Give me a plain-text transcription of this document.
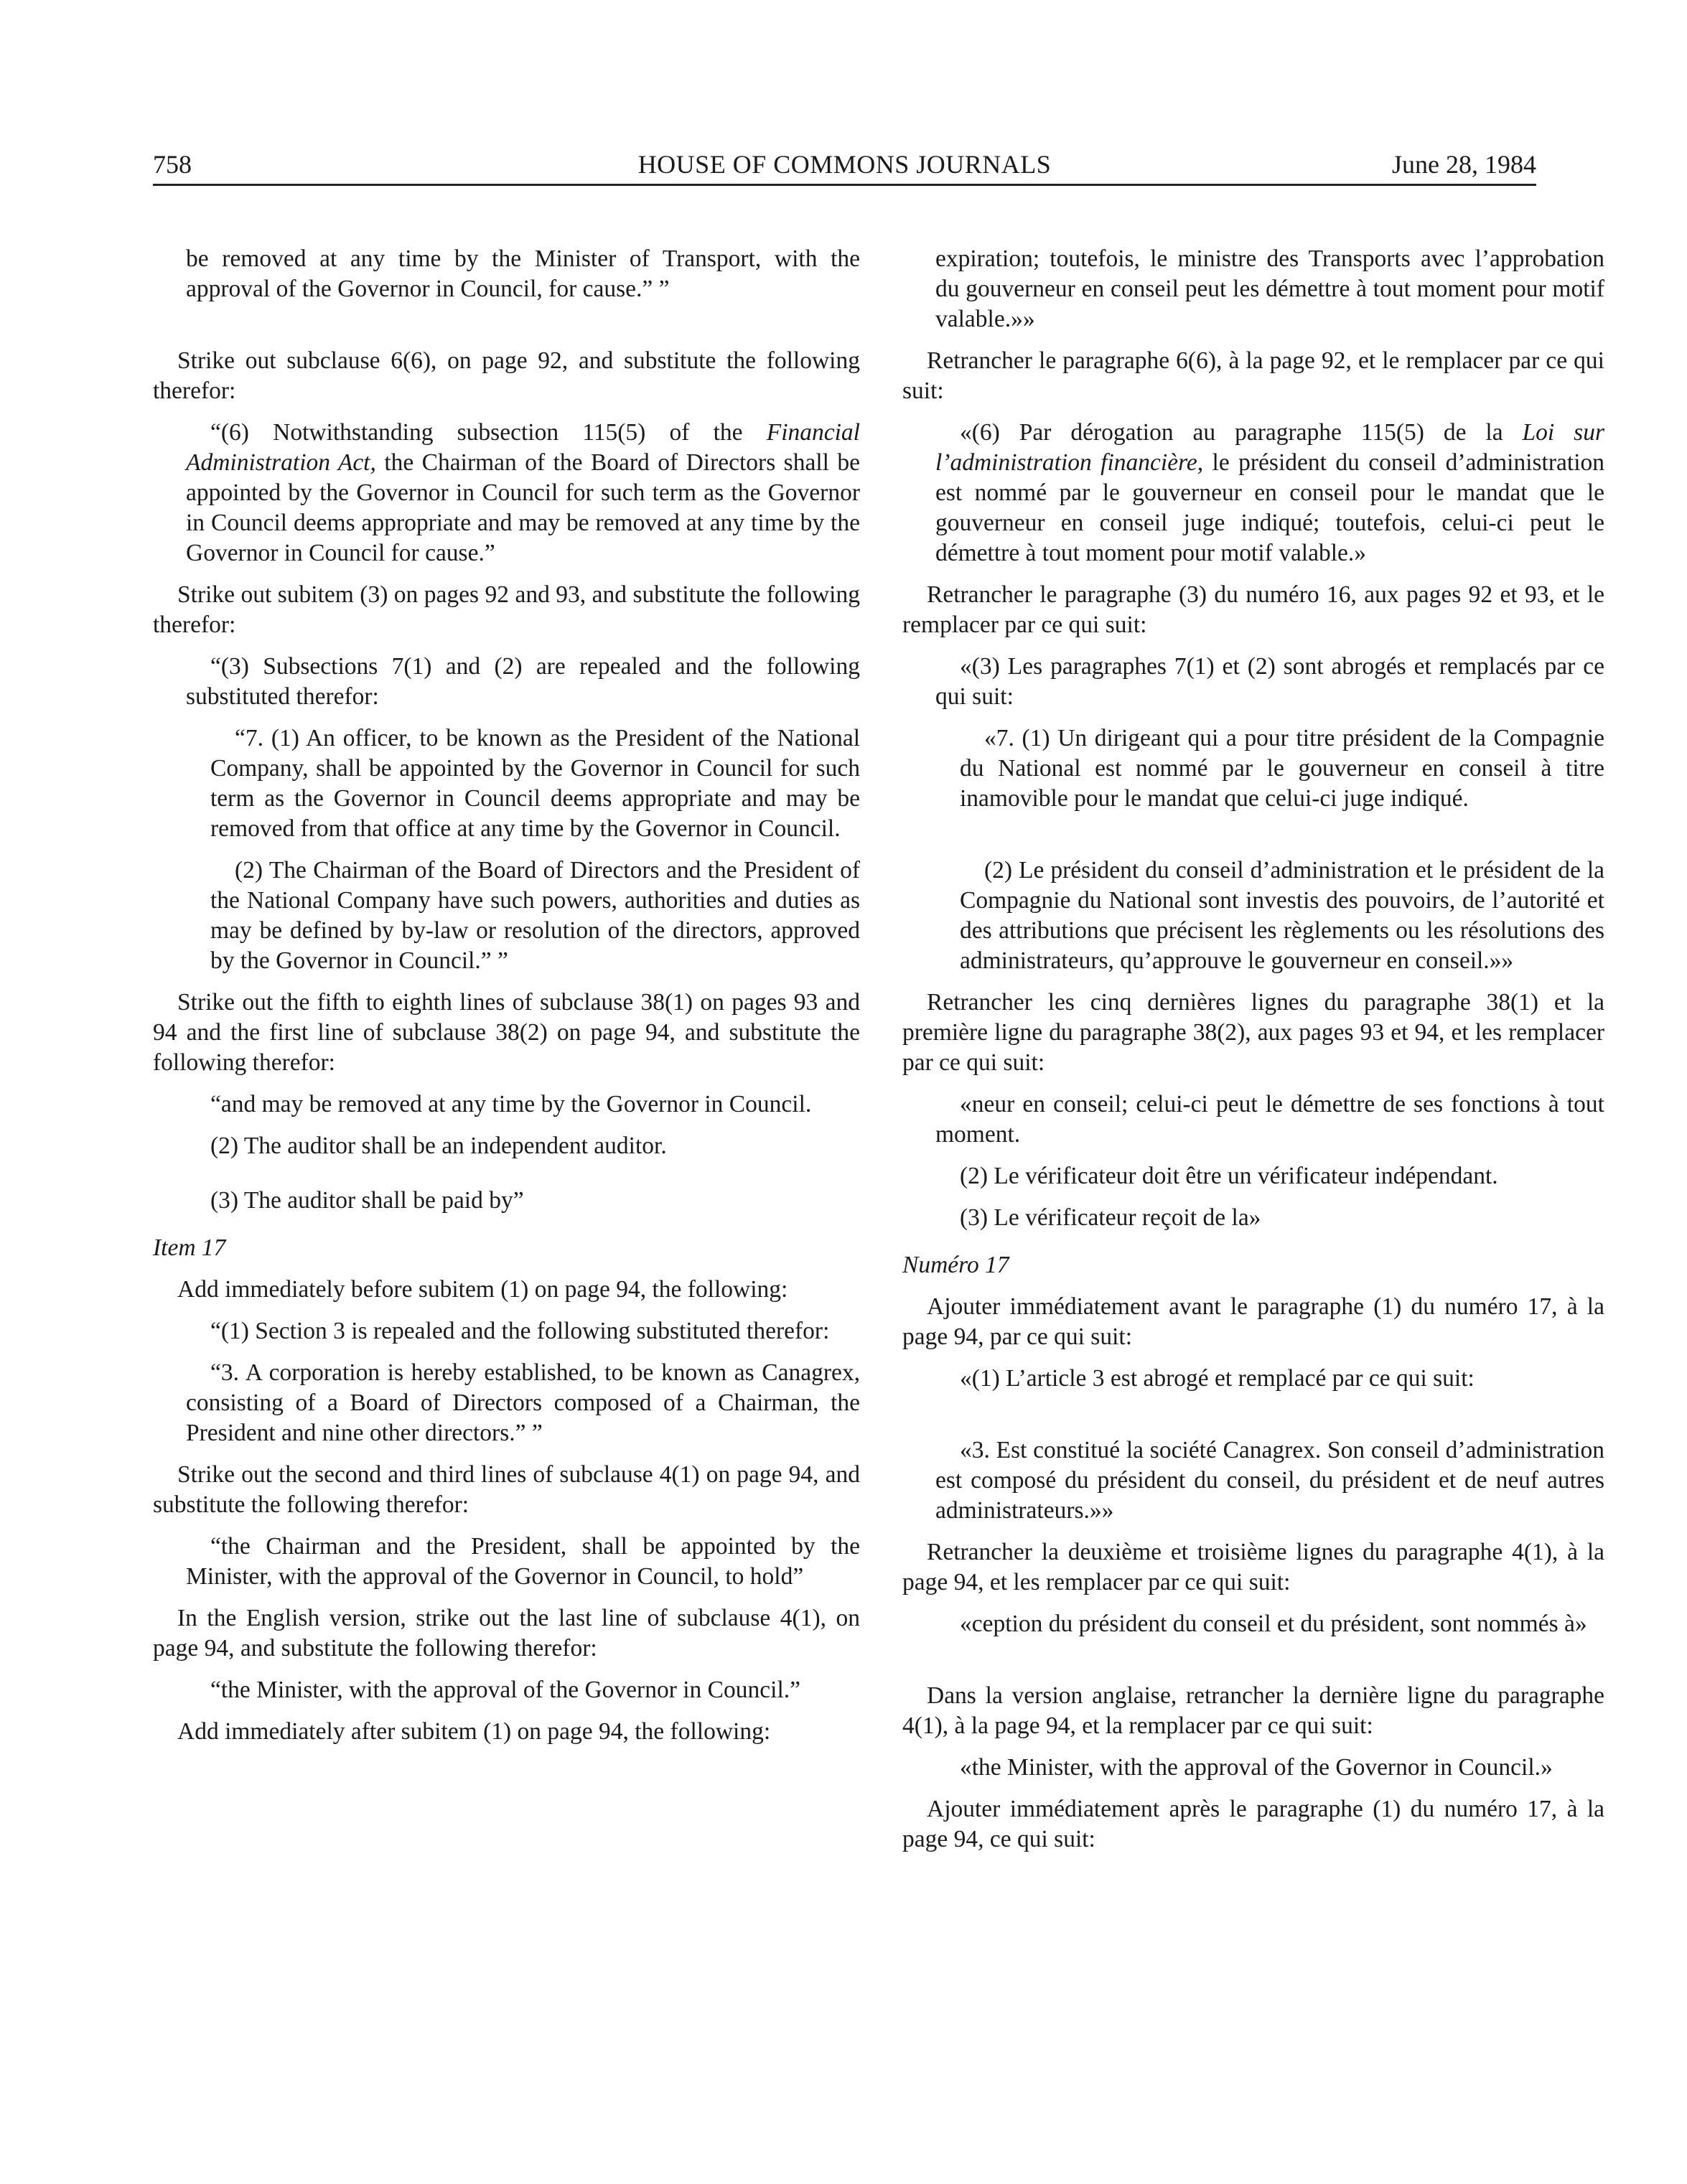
758	HOUSE OF COMMONS JOURNALS	June 28, 1984

be removed at any time by the Minister of Transport, with the approval of the Governor in Council, for cause.” ”

Strike out subclause 6(6), on page 92, and substitute the following therefor:

“(6) Notwithstanding subsection 115(5) of the Financial Administration Act, the Chairman of the Board of Directors shall be appointed by the Governor in Council for such term as the Governor in Council deems appropriate and may be removed at any time by the Governor in Council for cause.”

Strike out subitem (3) on pages 92 and 93, and substitute the following therefor:

“(3) Subsections 7(1) and (2) are repealed and the following substituted therefor:

“7. (1) An officer, to be known as the President of the National Company, shall be appointed by the Governor in Council for such term as the Governor in Council deems appropriate and may be removed from that office at any time by the Governor in Council.

(2) The Chairman of the Board of Directors and the President of the National Company have such powers, authorities and duties as may be defined by by-law or resolution of the directors, approved by the Governor in Council.” ”

Strike out the fifth to eighth lines of subclause 38(1) on pages 93 and 94 and the first line of subclause 38(2) on page 94, and substitute the following therefor:

“and may be removed at any time by the Governor in Council.

(2) The auditor shall be an independent auditor.

(3) The auditor shall be paid by”

Item 17

Add immediately before subitem (1) on page 94, the following:

“(1) Section 3 is repealed and the following substituted therefor:

“3. A corporation is hereby established, to be known as Canagrex, consisting of a Board of Directors composed of a Chairman, the President and nine other directors.” ”

Strike out the second and third lines of subclause 4(1) on page 94, and substitute the following therefor:

“the Chairman and the President, shall be appointed by the Minister, with the approval of the Governor in Council, to hold”

In the English version, strike out the last line of subclause 4(1), on page 94, and substitute the following therefor:

“the Minister, with the approval of the Governor in Council.”

Add immediately after subitem (1) on page 94, the following:

expiration; toutefois, le ministre des Transports avec l’approbation du gouverneur en conseil peut les démettre à tout moment pour motif valable.»»

Retrancher le paragraphe 6(6), à la page 92, et le remplacer par ce qui suit:

«(6) Par dérogation au paragraphe 115(5) de la Loi sur l’administration financière, le président du conseil d’administration est nommé par le gouverneur en conseil pour le mandat que le gouverneur en conseil juge indiqué; toutefois, celui-ci peut le démettre à tout moment pour motif valable.»

Retrancher le paragraphe (3) du numéro 16, aux pages 92 et 93, et le remplacer par ce qui suit:

«(3) Les paragraphes 7(1) et (2) sont abrogés et remplacés par ce qui suit:

«7. (1) Un dirigeant qui a pour titre président de la Compagnie du National est nommé par le gouverneur en conseil à titre inamovible pour le mandat que celui-ci juge indiqué.

(2) Le président du conseil d’administration et le président de la Compagnie du National sont investis des pouvoirs, de l’autorité et des attributions que précisent les règlements ou les résolutions des administrateurs, qu’approuve le gouverneur en conseil.»»

Retrancher les cinq dernières lignes du paragraphe 38(1) et la première ligne du paragraphe 38(2), aux pages 93 et 94, et les remplacer par ce qui suit:

«neur en conseil; celui-ci peut le démettre de ses fonctions à tout moment.

(2) Le vérificateur doit être un vérificateur indépendant.

(3) Le vérificateur reçoit de la»

Numéro 17

Ajouter immédiatement avant le paragraphe (1) du numéro 17, à la page 94, par ce qui suit:

«(1) L’article 3 est abrogé et remplacé par ce qui suit:

«3. Est constitué la société Canagrex. Son conseil d’administration est composé du président du conseil, du président et de neuf autres administrateurs.»»

Retrancher la deuxième et troisième lignes du paragraphe 4(1), à la page 94, et les remplacer par ce qui suit:

«ception du président du conseil et du président, sont nommés à»

Dans la version anglaise, retrancher la dernière ligne du paragraphe 4(1), à la page 94, et la remplacer par ce qui suit:

«the Minister, with the approval of the Governor in Council.»

Ajouter immédiatement après le paragraphe (1) du numéro 17, à la page 94, ce qui suit:
